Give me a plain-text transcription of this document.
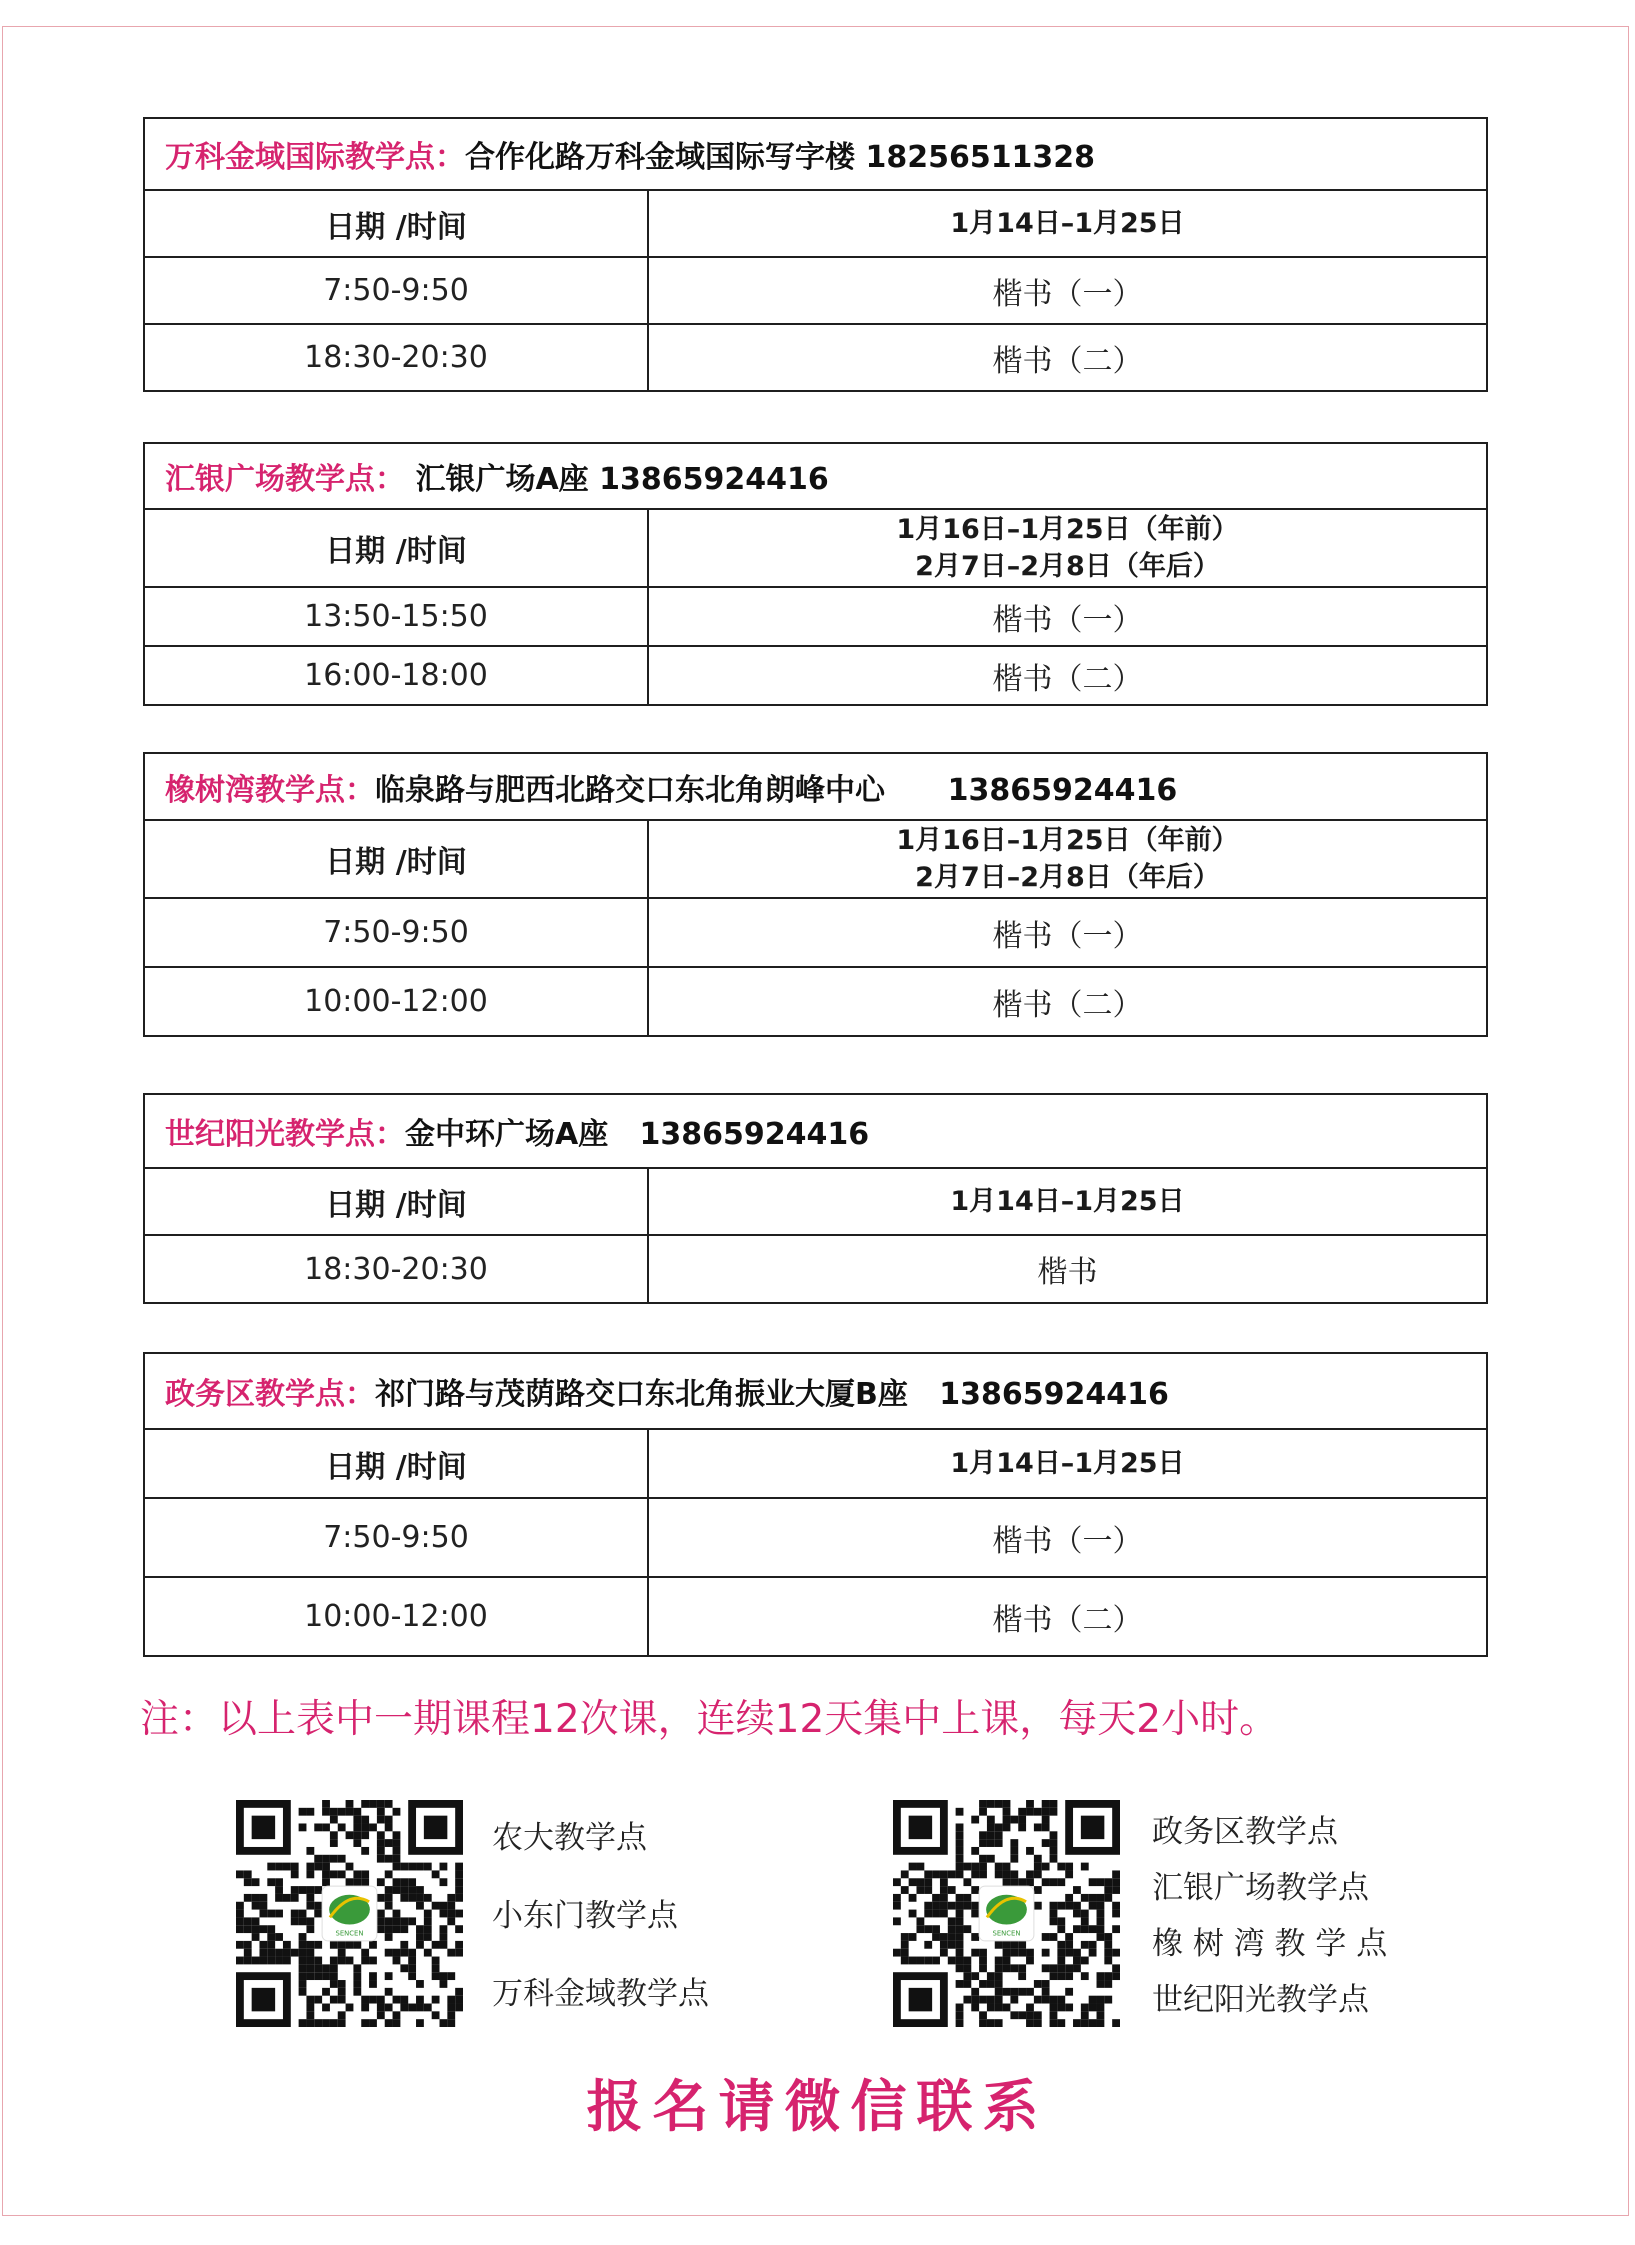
万科金域国际教学点：合作化路万科金域国际写字楼 18256511328	
日期 /时间	1月14日–1月25日

7:50-9:50	楷书（一）
18:30-20:30	楷书（二）
汇银广场教学点： 汇银广场A座 13865924416	
日期 /时间	1月16日–1月25日（年前）
2月7日–2月8日（年后）

13:50-15:50	楷书（一）
16:00-18:00	楷书（二）
橡树湾教学点：临泉路与肥西北路交口东北角朗峰中心      13865924416	
日期 /时间	1月16日–1月25日（年前）
2月7日–2月8日（年后）

7:50-9:50	楷书（一）
10:00-12:00	楷书（二）
世纪阳光教学点：金中环广场A座   13865924416	
日期 /时间	1月14日–1月25日

18:30-20:30	楷书
政务区教学点：祁门路与茂荫路交口东北角振业大厦B座   13865924416	
日期 /时间	1月14日–1月25日

7:50-9:50	楷书（一）
10:00-12:00	楷书（二）
注：以上表中一期课程12次课，连续12天集中上课，每天2小时。
SENCEN
农大教学点
小东门教学点
万科金域教学点
SENCEN
政务区教学点
汇银广场教学点
橡 树 湾 教 学 点
世纪阳光教学点
报名请微信联系
